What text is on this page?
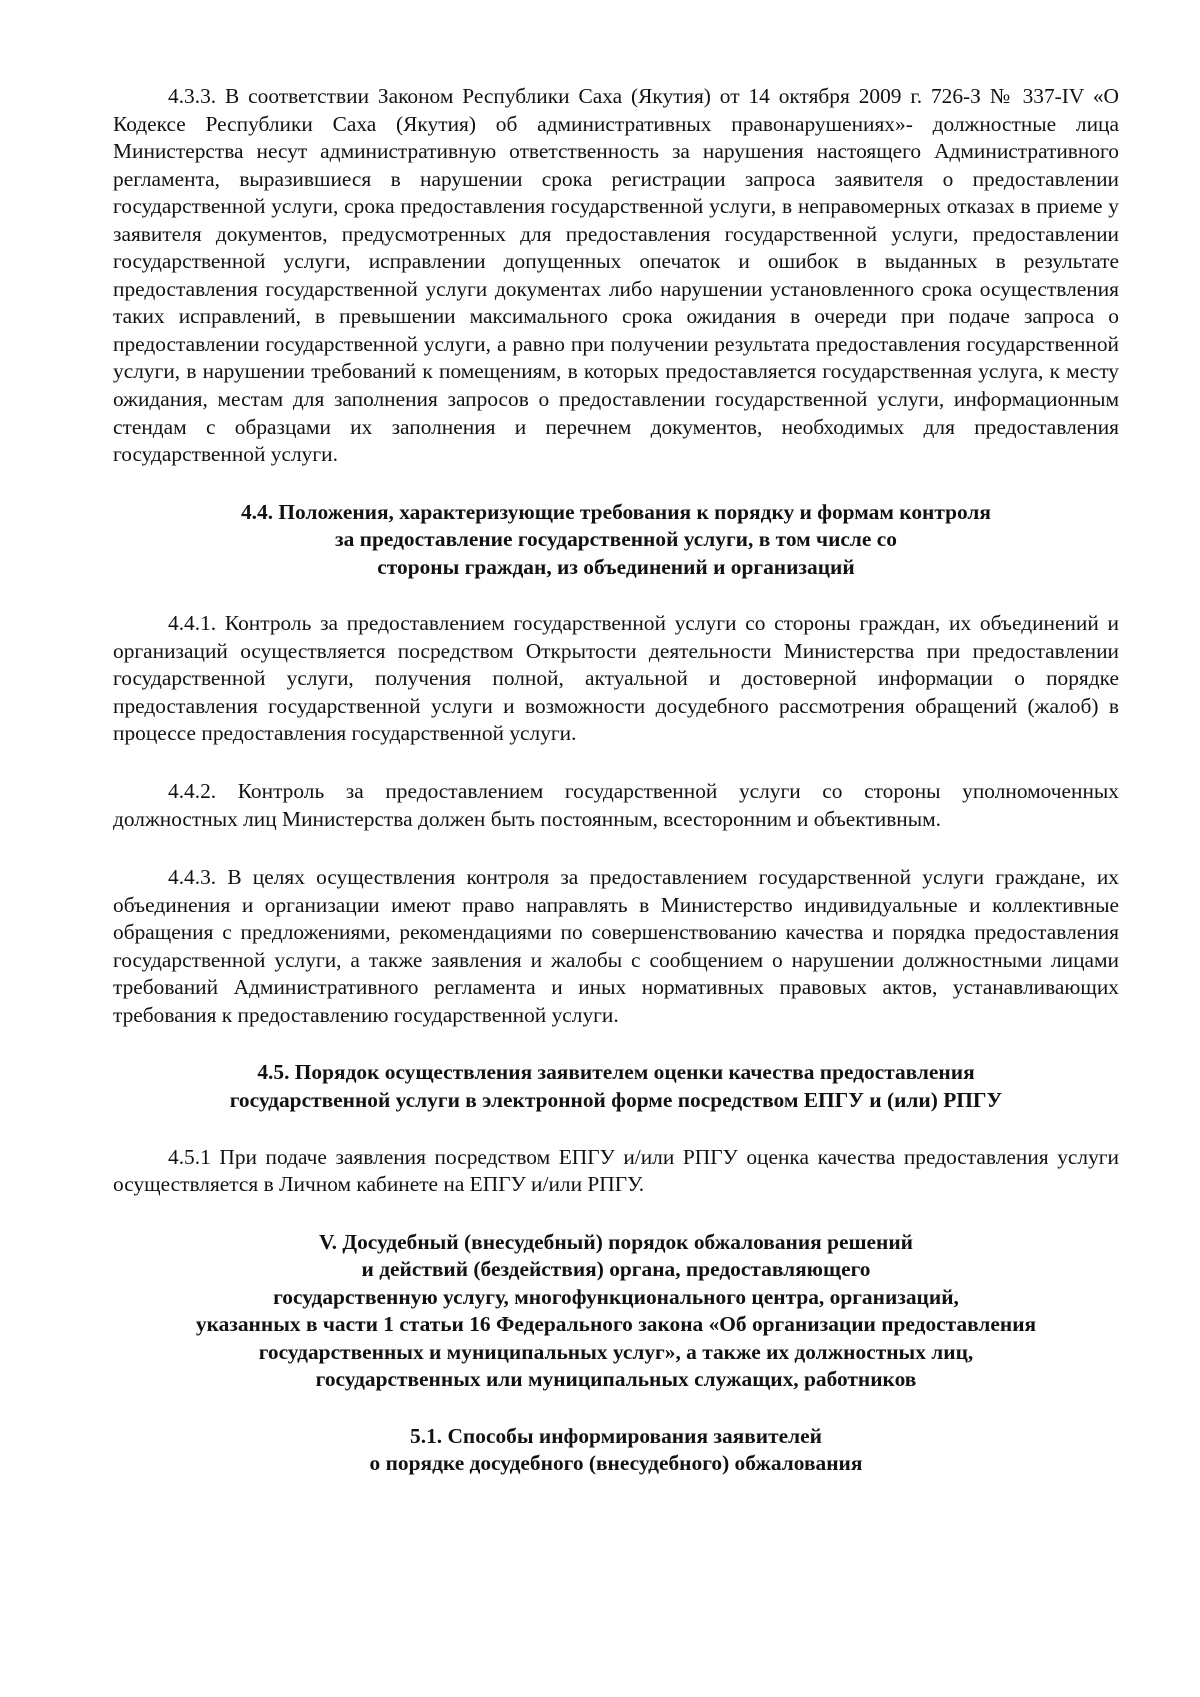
4.3.3. В соответствии Законом Республики Саха (Якутия) от 14 октября 2009 г. 726-З № 337-IV «О Кодексе Республики Саха (Якутия) об административных правонарушениях»- должностные лица Министерства несут административную ответственность за нарушения настоящего Административного регламента, выразившиеся в нарушении срока регистрации запроса заявителя о предоставлении государственной услуги, срока предоставления государственной услуги, в неправомерных отказах в приеме у заявителя документов, предусмотренных для предоставления государственной услуги, предоставлении государственной услуги, исправлении допущенных опечаток и ошибок в выданных в результате предоставления государственной услуги документах либо нарушении установленного срока осуществления таких исправлений, в превышении максимального срока ожидания в очереди при подаче запроса о предоставлении государственной услуги, а равно при получении результата предоставления государственной услуги, в нарушении требований к помещениям, в которых предоставляется государственная услуга, к месту ожидания, местам для заполнения запросов о предоставлении государственной услуги, информационным стендам с образцами их заполнения и перечнем документов, необходимых для предоставления государственной услуги.

4.4. Положения, характеризующие требования к порядку и формам контроля
за предоставление государственной услуги, в том числе со
стороны граждан, из объединений и организаций

4.4.1. Контроль за предоставлением государственной услуги со стороны граждан, их объединений и организаций осуществляется посредством Открытости деятельности Министерства при предоставлении государственной услуги, получения полной, актуальной и достоверной информации о порядке предоставления государственной услуги и возможности досудебного рассмотрения обращений (жалоб) в процессе предоставления государственной услуги.

4.4.2. Контроль за предоставлением государственной услуги со стороны уполномоченных должностных лиц Министерства должен быть постоянным, всесторонним и объективным.

4.4.3. В целях осуществления контроля за предоставлением государственной услуги граждане, их объединения и организации имеют право направлять в Министерство индивидуальные и коллективные обращения с предложениями, рекомендациями по совершенствованию качества и порядка предоставления государственной услуги, а также заявления и жалобы с сообщением о нарушении должностными лицами требований Административного регламента и иных нормативных правовых актов, устанавливающих требования к предоставлению государственной услуги.

4.5. Порядок осуществления заявителем оценки качества предоставления
государственной услуги в электронной форме посредством ЕПГУ и (или) РПГУ

4.5.1 При подаче заявления посредством ЕПГУ и/или РПГУ оценка качества предоставления услуги осуществляется в Личном кабинете на ЕПГУ и/или РПГУ.

V. Досудебный (внесудебный) порядок обжалования решений
и действий (бездействия) органа, предоставляющего
государственную услугу, многофункционального центра, организаций,
указанных в части 1 статьи 16 Федерального закона «Об организации предоставления
государственных и муниципальных услуг», а также их должностных лиц,
государственных или муниципальных служащих, работников
5.1. Способы информирования заявителей
о порядке досудебного (внесудебного) обжалования
